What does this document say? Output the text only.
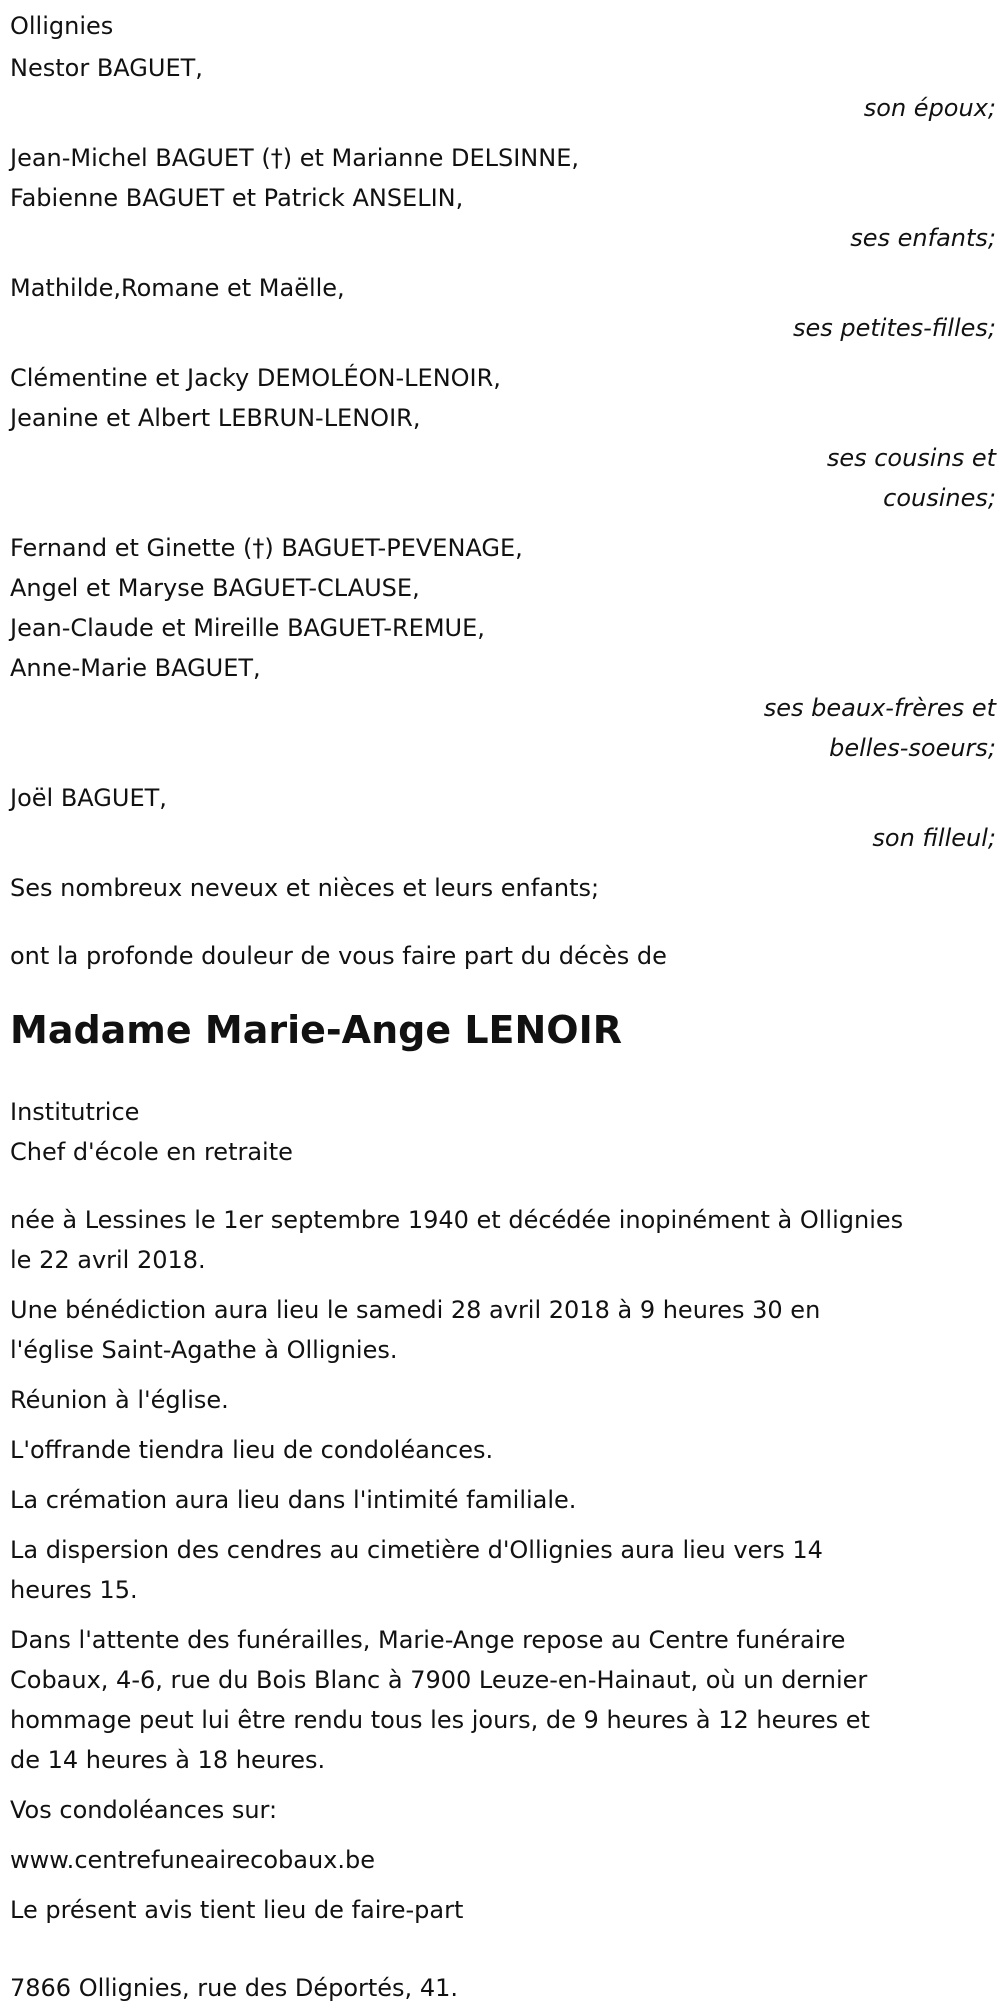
Ollignies
Nestor BAGUET,
son époux;
Jean-Michel BAGUET (†) et Marianne DELSINNE,
Fabienne BAGUET et Patrick ANSELIN,
ses enfants;
Mathilde,Romane et Maëlle,
ses petites-filles;
Clémentine et Jacky DEMOLÉON-LENOIR,
Jeanine et Albert LEBRUN-LENOIR,
ses cousins et
cousines;
Fernand et Ginette (†) BAGUET-PEVENAGE,
Angel et Maryse BAGUET-CLAUSE,
Jean-Claude et Mireille BAGUET-REMUE,
Anne-Marie BAGUET,
ses beaux-frères et
belles-soeurs;
Joël BAGUET,
son filleul;
Ses nombreux neveux et nièces et leurs enfants;
ont la profonde douleur de vous faire part du décès de
Madame Marie-Ange LENOIR
Institutrice
Chef d'école en retraite
née à Lessines le 1er septembre 1940 et décédée inopinément à Ollignies
le 22 avril 2018.
Une bénédiction aura lieu le samedi 28 avril 2018 à 9 heures 30 en
l'église Saint-Agathe à Ollignies.
Réunion à l'église.
L'offrande tiendra lieu de condoléances.
La crémation aura lieu dans l'intimité familiale.
La dispersion des cendres au cimetière d'Ollignies aura lieu vers 14
heures 15.
Dans l'attente des funérailles, Marie-Ange repose au Centre funéraire
Cobaux, 4-6, rue du Bois Blanc à 7900 Leuze-en-Hainaut, où un dernier
hommage peut lui être rendu tous les jours, de 9 heures à 12 heures et
de 14 heures à 18 heures.
Vos condoléances sur:
www.centrefuneairecobaux.be
Le présent avis tient lieu de faire-part
7866 Ollignies, rue des Déportés, 41.
